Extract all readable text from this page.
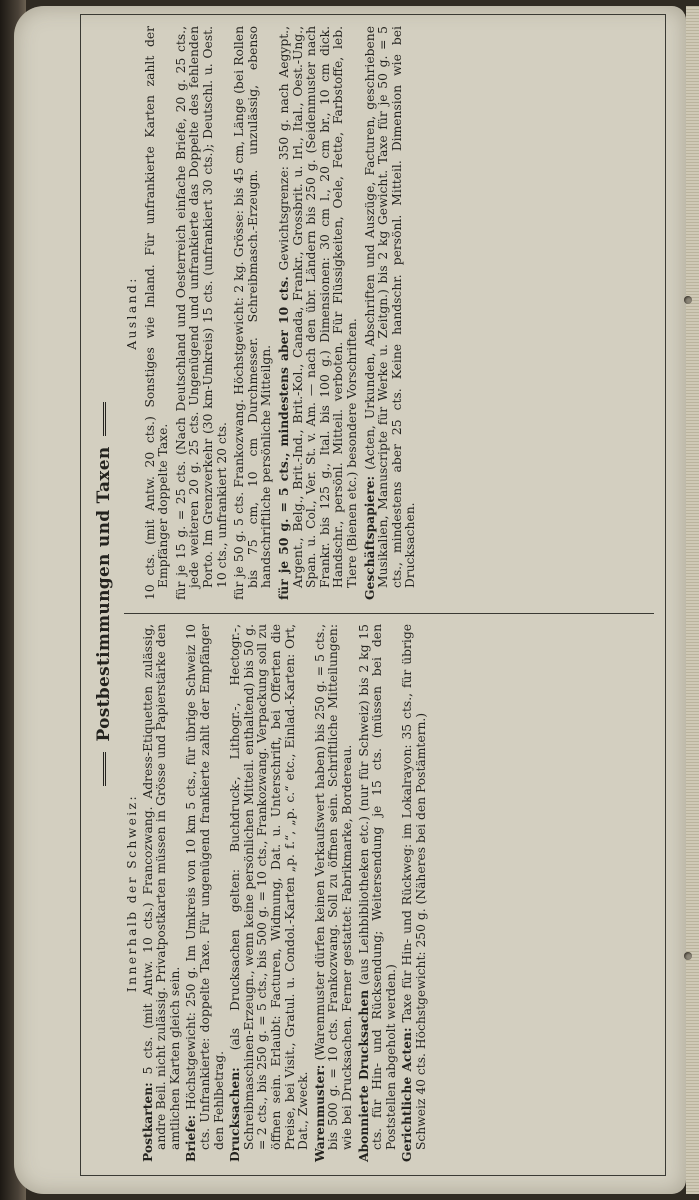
Postbestimmungen und Taxen
Innerhalb der Schweiz:
Postkarten: 5 cts. (mit Antw. 10 cts.) Francozwang. Adress-Etiquetten zulässig, andre Beil. nicht zulässig. Privatpostkarten müssen in Grösse und Papierstärke den amtlichen Karten gleich sein. Briefe: Höchstgewicht: 250 g. Im Umkreis von 10 km 5 cts., für übrige Schweiz 10 cts. Unfrankierte: doppelte Taxe. Für ungenügend frankierte zahlt der Empfänger den Fehlbetrag. Drucksachen: (als Drucksachen gelten: Buchdruck-, Lithogr.-, Hectogr.-, Schreibmaschinen-Erzeugn., wenn keine persönlichen Mitteil. enthaltend) bis 50 g. = 2 cts., bis 250 g. = 5 cts., bis 500 g. = 10 cts., Frankozwang. Verpackung soll zu öffnen sein. Erlaubt: Facturen, Widmung, Dat. u. Unterschrift, bei Offerten die Preise, bei Visit., Gratul. u. Condol.-Karten „p. f.“, „p. c.“ etc., Einlad.-Karten: Ort, Dat., Zweck. Warenmuster: (Warenmuster dürfen keinen Verkaufswert haben) bis 250 g. = 5 cts., bis 500 g. = 10 cts. Frankozwang. Soll zu öffnen sein. Schriftliche Mitteilungen: wie bei Drucksachen. Ferner gestattet: Fabrikmarke, Bordereau. Abonnierte Drucksachen (aus Leihbibliotheken etc.) (nur für Schweiz) bis 2 kg 15 cts. für Hin- und Rücksendung; Weitersendung je 15 cts. (müssen bei den Poststellen abgeholt werden.) Gerichtliche Acten: Taxe für Hin- und Rückweg: im Lokalrayon: 35 cts., für übrige Schweiz 40 cts. Höchstgewicht: 250 g. (Näheres bei den Postämtern.)
Ausland: 10 cts. (mit Antw. 20 cts.) Sonstiges wie Inland. Für unfrankierte Karten zahlt der Empfänger doppelte Taxe. für je 15 g. = 25 cts. (Nach Deutschland und Oesterreich einfache Briefe, 20 g. 25 cts., jede weiteren 20 g. 25 cts. Ungenügend und unfrankierte das Doppelte des fehlenden Porto. Im Grenzverkehr (30 km-Umkreis) 15 cts. (unfrankiert 30 cts.); Deutschl. u. Oest. 10 cts., unfrankiert 20 cts. für je 50 g. 5 cts. Frankozwang. Höchstgewicht: 2 kg. Grösse: bis 45 cm, Länge (bei Rollen bis 75 cm, 10 cm Durchmesser. Schreibmasch.-Erzeugn. unzulässig, ebenso handschriftliche persönliche Mitteilgn. für je 50 g. = 5 cts., mindestens aber 10 cts. Gewichtsgrenze: 350 g. nach Aegypt., Argent., Belg., Brit.-Ind., Brit.-Kol., Canada, Frankr., Grossbrit. u. Irl., Ital., Oest.-Ung., Span. u. Col., Ver. St. v. Am. — nach den übr. Ländern bis 250 g. (Seidenmuster nach Frankr. bis 125 g., Ital. bis 100 g.) Dimensionen: 30 cm l., 20 cm br., 10 cm dick. Handschr., persönl. Mitteil. verboten. Für Flüssigkeiten, Oele, Fette, Farbstoffe, leb. Tiere (Bienen etc.) besondere Vorschriften. Geschäftspapiere: (Acten, Urkunden, Abschriften und Auszüge, Facturen, geschriebene Musikalien, Manuscripte für Werke u. Zeitgn.) bis 2 kg Gewicht. Taxe für je 50 g. = 5 cts., mindestens aber 25 cts. Keine handschr. persönl. Mitteil. Dimension wie bei Drucksachen.
